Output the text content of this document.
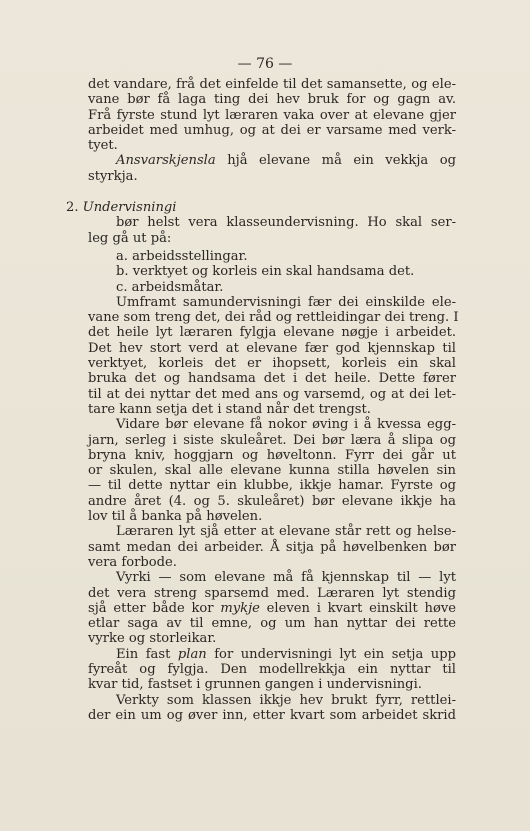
— 76 —
det vandare, frå det einfelde til det samansette, og ele-
vane bør få laga ting dei hev bruk for og gagn av.
Frå fyrste stund lyt læraren vaka over at elevane gjer
arbeidet med umhug, og at dei er varsame med verk-
tyet.
Ansvarskjensla hjå elevane må ein vekkja og
styrkja.
2. Undervisningi
bør helst vera klasseundervisning. Ho skal ser-
leg gå ut på:
a. arbeidsstellingar.
b. verktyet og korleis ein skal handsama det.
c. arbeidsmåtar.
Umframt samundervisningi fær dei einskilde ele-
vane som treng det, dei råd og rettleidingar dei treng. I
det heile lyt læraren fylgja elevane nøgje i arbeidet.
Det hev stort verd at elevane fær god kjennskap til
verktyet, korleis det er ihopsett, korleis ein skal
bruka det og handsama det i det heile. Dette fører
til at dei nyttar det med ans og varsemd, og at dei let-
tare kann setja det i stand når det trengst.
Vidare bør elevane få nokor øving i å kvessa egg-
jarn, serleg i siste skuleåret. Dei bør læra å slipa og
bryna kniv, hoggjarn og høveltonn. Fyrr dei går ut
or skulen, skal alle elevane kunna stilla høvelen sin
— til dette nyttar ein klubbe, ikkje hamar. Fyrste og
andre året (4. og 5. skuleåret) bør elevane ikkje ha
lov til å banka på høvelen.
Læraren lyt sjå etter at elevane står rett og helse-
samt medan dei arbeider. Å sitja på høvelbenken bør
vera forbode.
Vyrki — som elevane må få kjennskap til — lyt
det vera streng sparsemd med. Læraren lyt stendig
sjå etter både kor mykje eleven i kvart einskilt høve
etlar saga av til emne, og um han nyttar dei rette
vyrke og storleikar.
Ein fast plan for undervisningi lyt ein setja upp
fyreåt og fylgja. Den modellrekkja ein nyttar til
kvar tid, fastset i grunnen gangen i undervisningi.
Verkty som klassen ikkje hev brukt fyrr, rettlei-
der ein um og øver inn, etter kvart som arbeidet skrid
